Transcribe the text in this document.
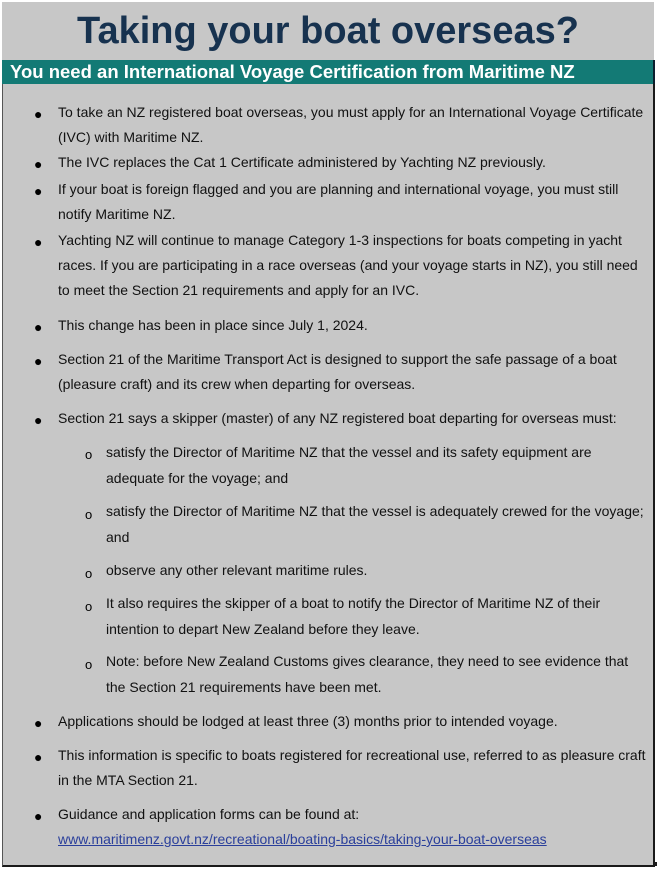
Taking your boat overseas?
You need an International Voyage Certification from Maritime NZ
● To take an NZ registered boat overseas, you must apply for an International Voyage Certificate (IVC) with Maritime NZ.
● The IVC replaces the Cat 1 Certificate administered by Yachting NZ previously.
● If your boat is foreign flagged and you are planning and international voyage, you must still notify Maritime NZ.
● Yachting NZ will continue to manage Category 1-3 inspections for boats competing in yacht races. If you are participating in a race overseas (and your voyage starts in NZ), you still need to meet the Section 21 requirements and apply for an IVC.
● This change has been in place since July 1, 2024.
● Section 21 of the Maritime Transport Act is designed to support the safe passage of a boat (pleasure craft) and its crew when departing for overseas.
● Section 21 says a skipper (master) of any NZ registered boat departing for overseas must:
o satisfy the Director of Maritime NZ that the vessel and its safety equipment are adequate for the voyage; and
o satisfy the Director of Maritime NZ that the vessel is adequately crewed for the voyage; and
o observe any other relevant maritime rules.
o It also requires the skipper of a boat to notify the Director of Maritime NZ of their intention to depart New Zealand before they leave.
o Note: before New Zealand Customs gives clearance, they need to see evidence that the Section 21 requirements have been met.
● Applications should be lodged at least three (3) months prior to intended voyage.
● This information is specific to boats registered for recreational use, referred to as pleasure craft in the MTA Section 21.
● Guidance and application forms can be found at:
www.maritimenz.govt.nz/recreational/boating-basics/taking-your-boat-overseas
